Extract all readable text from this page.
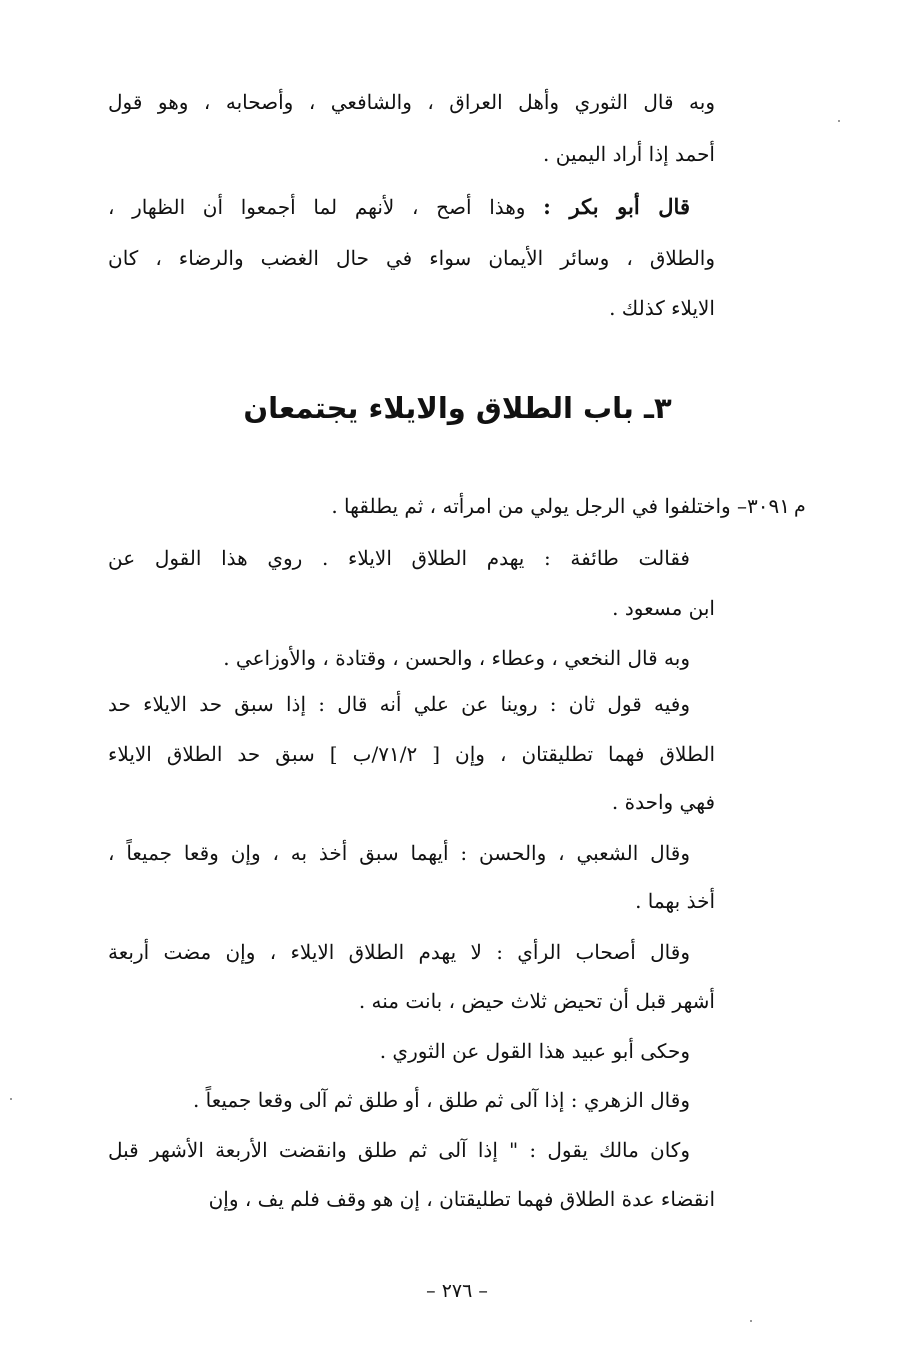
وبه قال الثوري وأهل العراق ، والشافعي ، وأصحابه ، وهو قول
أحمد إذا أراد اليمين .
قال أبو بكر : وهذا أصح ، لأنهم لما أجمعوا أن الظهار ،
والطلاق ، وسائر الأيمان سواء في حال الغضب والرضاء ، كان
الايلاء كذلك .
٣ـ باب الطلاق والايلاء يجتمعان
م
٣٠٩١– واختلفوا في الرجل يولي من امرأته ، ثم يطلقها .
فقالت طائفة : يهدم الطلاق الايلاء . روي هذا القول عن
ابن مسعود .
وبه قال النخعي ، وعطاء ، والحسن ، وقتادة ، والأوزاعي .
وفيه قول ثان : روينا عن علي أنه قال : إذا سبق حد الايلاء حد
الطلاق فهما تطليقتان ، وإن [ ٧١/٢/ب ] سبق حد الطلاق الايلاء
فهي واحدة .
وقال الشعبي ، والحسن : أيهما سبق أخذ به ، وإن وقعا جميعاً ،
أخذ بهما .
وقال أصحاب الرأي : لا يهدم الطلاق الايلاء ، وإن مضت أربعة
أشهر قبل أن تحيض ثلاث حيض ، بانت منه .
وحكى أبو عبيد هذا القول عن الثوري .
وقال الزهري : إذا آلى ثم طلق ، أو طلق ثم آلى وقعا جميعاً .
وكان مالك يقول : " إذا آلى ثم طلق وانقضت الأربعة الأشهر قبل
انقضاء عدة الطلاق فهما تطليقتان ، إن هو وقف فلم يف ، وإن
– ٢٧٦ –
